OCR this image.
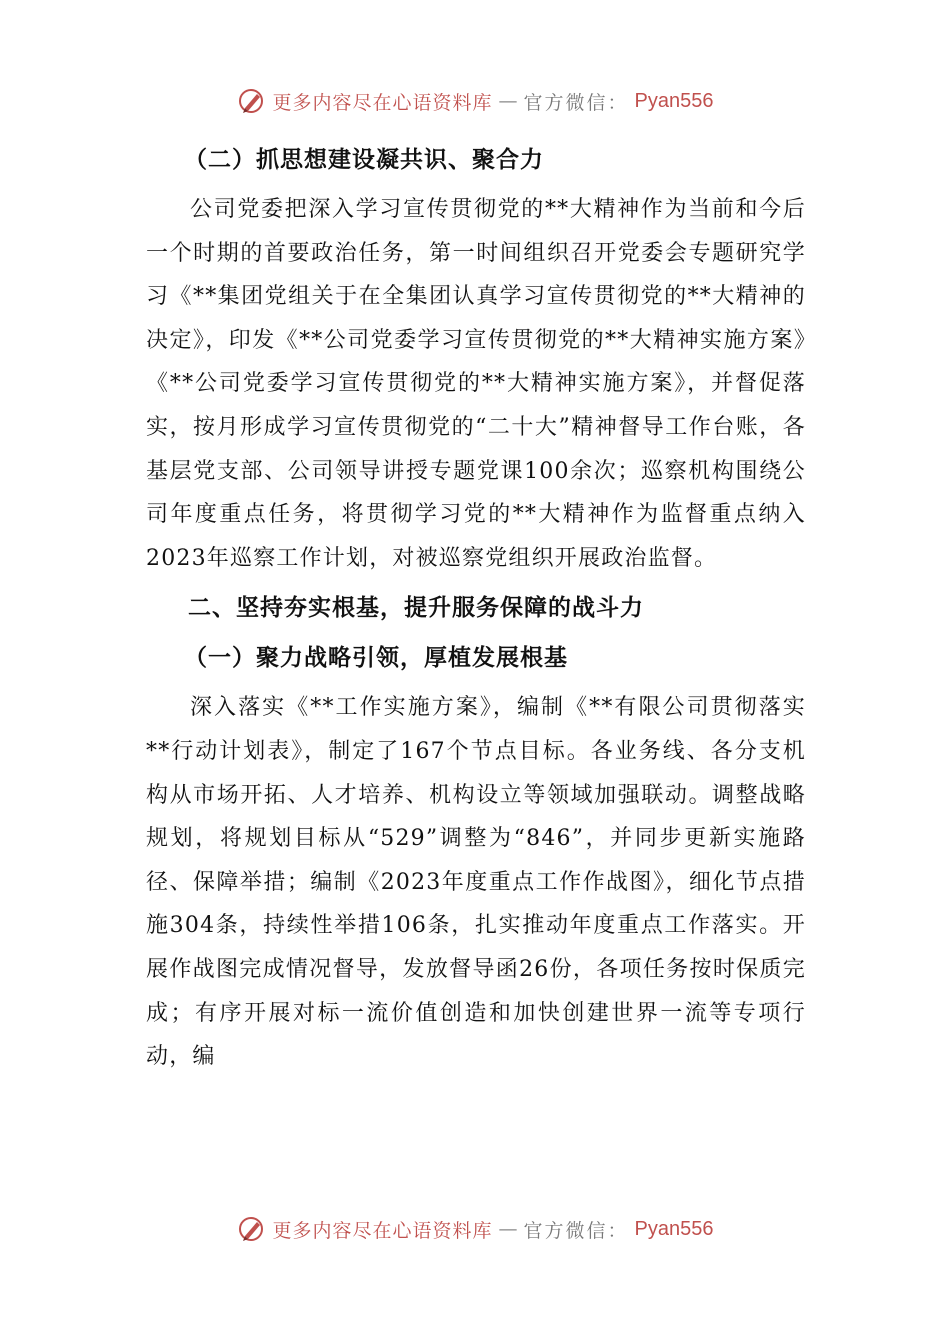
更多内容尽在心语资料库 — 官方微信： Pyan556
（二）抓思想建设凝共识、聚合力

公司党委把深入学习宣传贯彻党的**大精神作为当前和今后一个时期的首要政治任务，第一时间组织召开党委会专题研究学习《**集团党组关于在全集团认真学习宣传贯彻党的**大精神的决定》，印发《**公司党委学习宣传贯彻党的**大精神实施方案》《**公司党委学习宣传贯彻党的**大精神实施方案》，并督促落实，按月形成学习宣传贯彻党的“二十大”精神督导工作台账，各基层党支部、公司领导讲授专题党课100余次；巡察机构围绕公司年度重点任务，将贯彻学习党的**大精神作为监督重点纳入2023年巡察工作计划，对被巡察党组织开展政治监督。

二、坚持夯实根基，提升服务保障的战斗力
（一）聚力战略引领，厚植发展根基

深入落实《**工作实施方案》，编制《**有限公司贯彻落实**行动计划表》，制定了167个节点目标。各业务线、各分支机构从市场开拓、人才培养、机构设立等领域加强联动。调整战略规划，将规划目标从“529”调整为“846”，并同步更新实施路径、保障举措；编制《2023年度重点工作作战图》，细化节点措施304条，持续性举措106条，扎实推动年度重点工作落实。开展作战图完成情况督导，发放督导函26份，各项任务按时保质完成；有序开展对标一流价值创造和加快创建世界一流等专项行动，编

更多内容尽在心语资料库 — 官方微信： Pyan556
